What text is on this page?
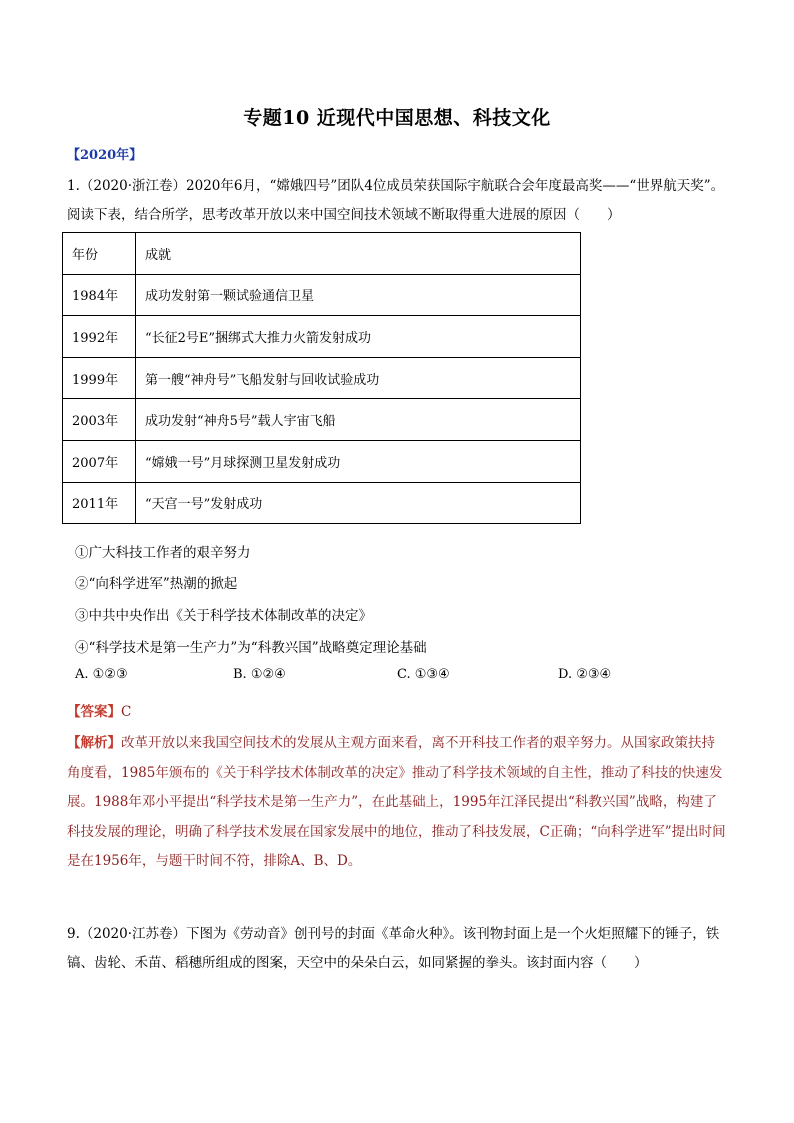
专题10 近现代中国思想、科技文化
【2020年】
1.（2020·浙江卷）2020年6月，“嫦娥四号”团队4位成员荣获国际宇航联合会年度最高奖——“世界航天奖”。阅读下表，结合所学，思考改革开放以来中国空间技术领域不断取得重大进展的原因（　　）
年份	成就
1984年	成功发射第一颗试验通信卫星
1992年	“长征2号E”捆绑式大推力火箭发射成功
1999年	第一艘“神舟号”飞船发射与回收试验成功
2003年	成功发射“神舟5号”载人宇宙飞船
2007年	“嫦娥一号”月球探测卫星发射成功
2011年	“天宫一号”发射成功
①广大科技工作者的艰辛努力
②“向科学进军”热潮的掀起
③中共中央作出《关于科学技术体制改革的决定》
④“科学技术是第一生产力”为“科教兴国”战略奠定理论基础
A. ①②③	B. ①②④	C. ①③④	D. ②③④
【答案】C
【解析】改革开放以来我国空间技术的发展从主观方面来看，离不开科技工作者的艰辛努力。从国家政策扶持角度看，1985年颁布的《关于科学技术体制改革的决定》推动了科学技术领域的自主性，推动了科技的快速发展。1988年邓小平提出“科学技术是第一生产力”，在此基础上，1995年江泽民提出“科教兴国”战略，构建了科技发展的理论，明确了科学技术发展在国家发展中的地位，推动了科技发展，C正确；“向科学进军”提出时间是在1956年，与题干时间不符，排除A、B、D。
9.（2020·江苏卷）下图为《劳动音》创刊号的封面《革命火种》。该刊物封面上是一个火炬照耀下的锤子，铁镐、齿轮、禾苗、稻穗所组成的图案，天空中的朵朵白云，如同紧握的拳头。该封面内容（　　）
